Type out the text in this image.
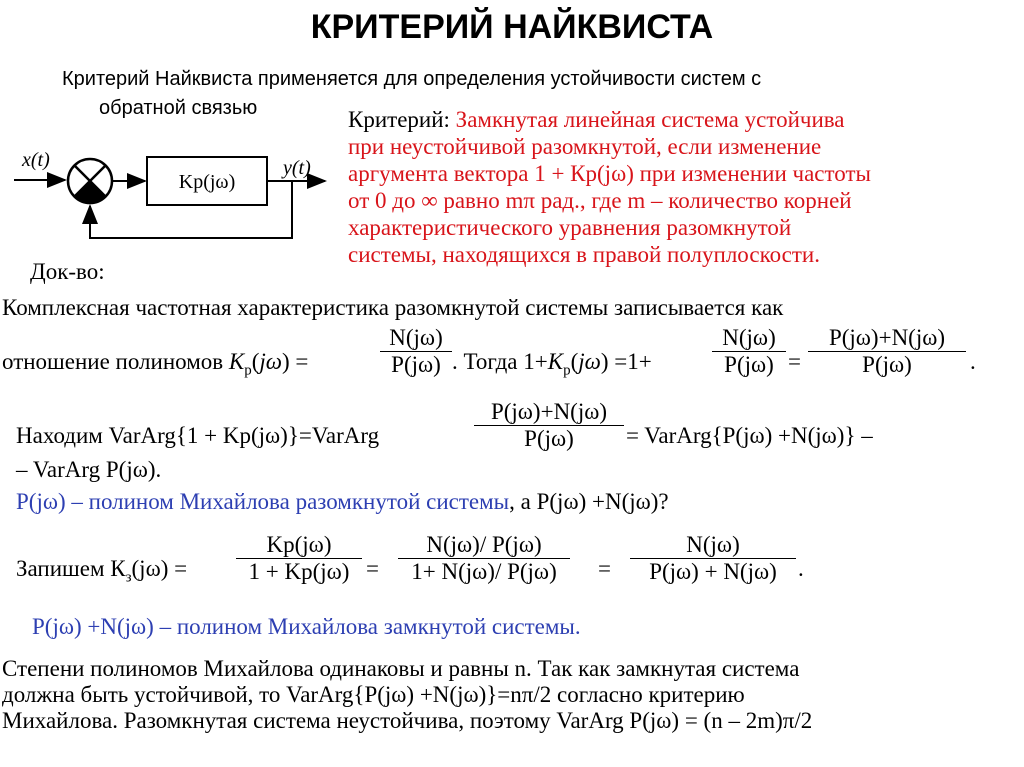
КРИТЕРИЙ НАЙКВИСТА
Критерий Найквиста применяется для определения устойчивости систем с
обратной связью
x(t)
Kp(jω)
y(t)
Критерий: Замкнутая линейная система устойчива
при неустойчивой разомкнутой, если изменение
аргумента вектора 1 + Кр(jω) при изменении частоты
от 0 до ∞ равно mπ рад., где m – количество корней
характеристического уравнения разомкнутой
системы, находящихся в правой полуплоскости.
Док-во:
Комплексная частотная характеристика разомкнутой системы записывается как
отношение полиномов $K_р(j\omega)$ =	$\frac{N(j\omega)}{P(j\omega)}$ . Тогда $1+K_р(j\omega) =1+$	$\frac{N(j\omega)}{P(j\omega)} = \frac{P(j\omega)+N(j\omega)}{P(j\omega)}$ .
Находим VarArg{1 + Kp(jω)}=VarArg	$\frac{P(j\omega)+N(j\omega)}{P(j\omega)}$ = VarArg{P(jω) +N(jω)} –
– VarArg P(jω).
P(jω) – полином Михайлова разомкнутой системы, а P(jω) +N(jω)?
Запишем $К_з(j\omega) = \frac{Kp(j\omega)}{1 + Kp(j\omega)} = \frac{N(j\omega)/ P(j\omega)}{1+ N(j\omega)/ P(j\omega)} = \frac{N(j\omega)}{P(j\omega) + N(j\omega)}$ .
P(jω) +N(jω) – полином Михайлова замкнутой системы.
Степени полиномов Михайлова одинаковы и равны n. Так как замкнутая система
должна быть устойчивой, то VarArg{P(jω) +N(jω)}=nπ/2 согласно критерию
Михайлова. Разомкнутая система неустойчива, поэтому VarArg P(jω) = (n – 2m)π/2
